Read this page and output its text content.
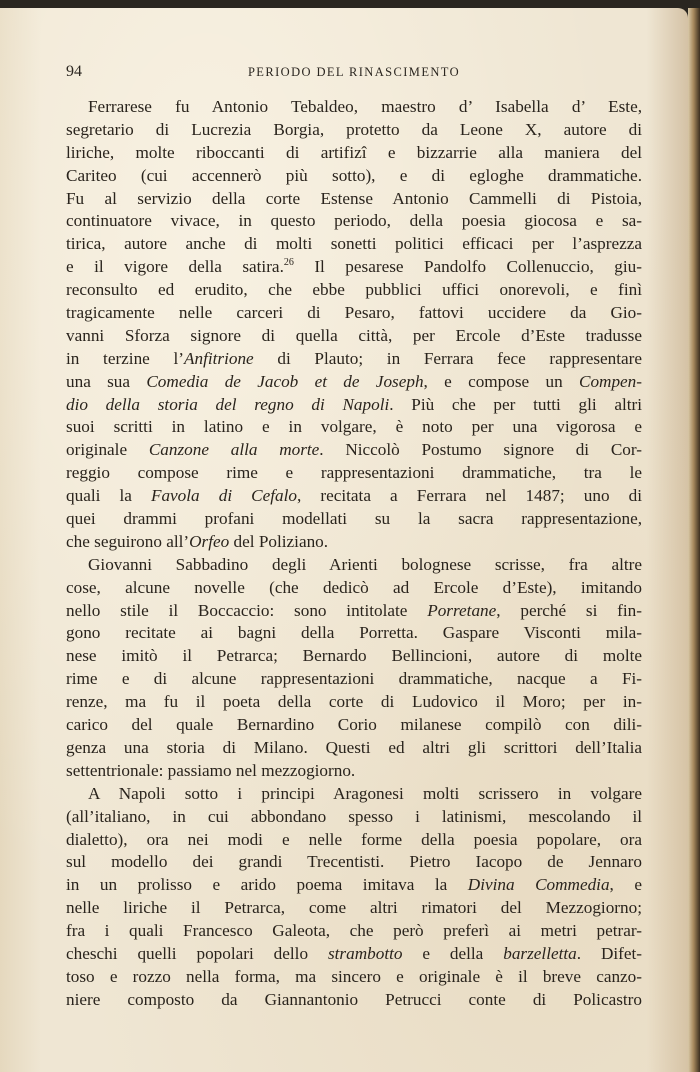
94	PERIODO DEL RINASCIMENTO
Ferrarese fu Antonio Tebaldeo, maestro d’ Isabella d’ Este,
segretario di Lucrezia Borgia, protetto da Leone X, autore di
liriche, molte riboccanti di artifizî e bizzarrie alla maniera del
Cariteo (cui accennerò più sotto), e di egloghe drammatiche.
Fu al servizio della corte Estense Antonio Cammelli di Pistoia,
continuatore vivace, in questo periodo, della poesia giocosa e sa-
tirica, autore anche di molti sonetti politici efficaci per l’asprezza
e il vigore della satira.$^{26}$ Il pesarese Pandolfo Collenuccio, giu-
reconsulto ed erudito, che ebbe pubblici uffici onorevoli, e finì
tragicamente nelle carceri di Pesaro, fattovi uccidere da Gio-
vanni Sforza signore di quella città, per Ercole d’Este tradusse
in terzine l’Anfitrione di Plauto; in Ferrara fece rappresentare
una sua Comedia de Jacob et de Joseph, e compose un Compen-
dio della storia del regno di Napoli. Più che per tutti gli altri
suoi scritti in latino e in volgare, è noto per una vigorosa e
originale Canzone alla morte. Niccolò Postumo signore di Cor-
reggio compose rime e rappresentazioni drammatiche, tra le
quali la Favola di Cefalo, recitata a Ferrara nel 1487; uno di
quei drammi profani modellati su la sacra rappresentazione,
che seguirono all’Orfeo del Poliziano.
Giovanni Sabbadino degli Arienti bolognese scrisse, fra altre
cose, alcune novelle (che dedicò ad Ercole d’Este), imitando
nello stile il Boccaccio: sono intitolate Porretane, perché si fin-
gono recitate ai bagni della Porretta. Gaspare Visconti mila-
nese imitò il Petrarca; Bernardo Bellincioni, autore di molte
rime e di alcune rappresentazioni drammatiche, nacque a Fi-
renze, ma fu il poeta della corte di Ludovico il Moro; per in-
carico del quale Bernardino Corio milanese compilò con dili-
genza una storia di Milano. Questi ed altri gli scrittori dell’Italia
settentrionale: passiamo nel mezzogiorno.
A Napoli sotto i principi Aragonesi molti scrissero in volgare
(all’italiano, in cui abbondano spesso i latinismi, mescolando il
dialetto), ora nei modi e nelle forme della poesia popolare, ora
sul modello dei grandi Trecentisti. Pietro Iacopo de Jennaro
in un prolisso e arido poema imitava la Divina Commedia, e
nelle liriche il Petrarca, come altri rimatori del Mezzogiorno;
fra i quali Francesco Galeota, che però preferì ai metri petrar-
cheschi quelli popolari dello strambotto e della barzelletta. Difet-
toso e rozzo nella forma, ma sincero e originale è il breve canzo-
niere composto da Giannantonio Petrucci conte di Policastro
